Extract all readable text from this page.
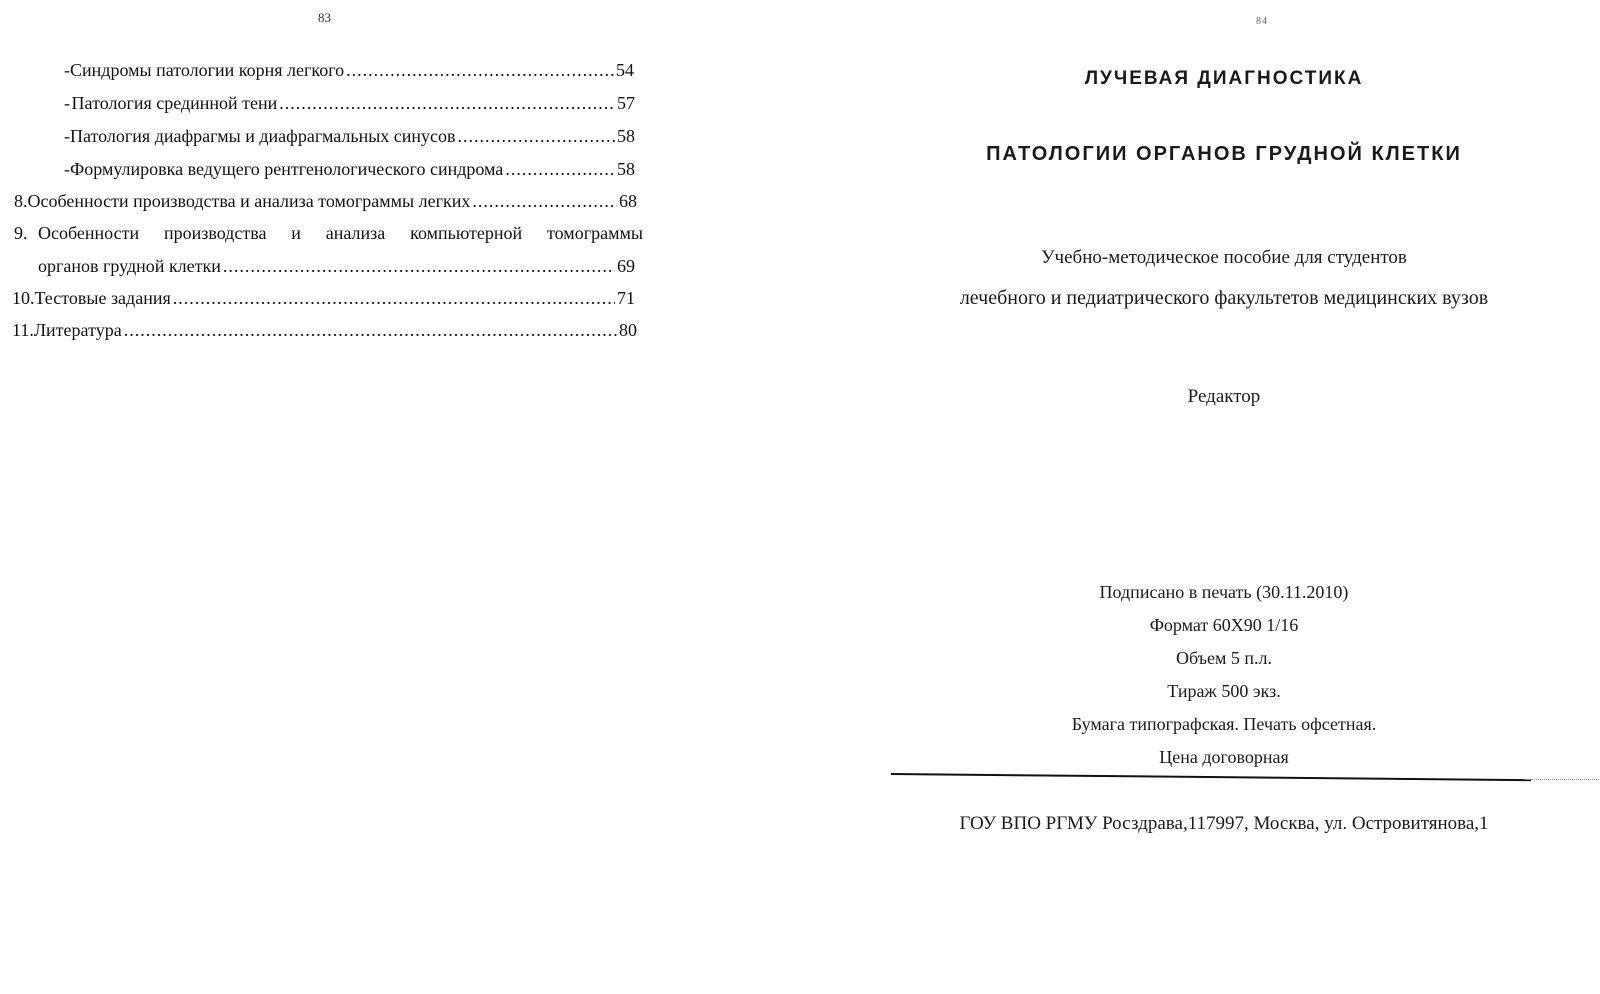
83
- Синдромы патологии корня легкого .....	54
- Патология срединной тени .....	57
- Патология диафрагмы и диафрагмальных синусов .....	58
- Формулировка ведущего рентгенологического синдрома .....	58
8. Особенности производства и анализа томограммы легких .....	68
9. Особенности производства и анализа компьютерной томограммы
органов грудной клетки .....	69
10. Тестовые задания .....	71
11. Литература .....	80
84
ЛУЧЕВАЯ ДИАГНОСТИКА
ПАТОЛОГИИ ОРГАНОВ ГРУДНОЙ КЛЕТКИ
Учебно-методическое пособие для студентов
лечебного и педиатрического факультетов медицинских вузов
Редактор
Подписано в печать (30.11.2010)
Формат 60Х90 1/16
Объем 5 п.л.
Тираж 500 экз.
Бумага типографская. Печать офсетная.
Цена договорная
ГОУ ВПО РГМУ Росздрава,117997, Москва, ул. Островитянова,1
